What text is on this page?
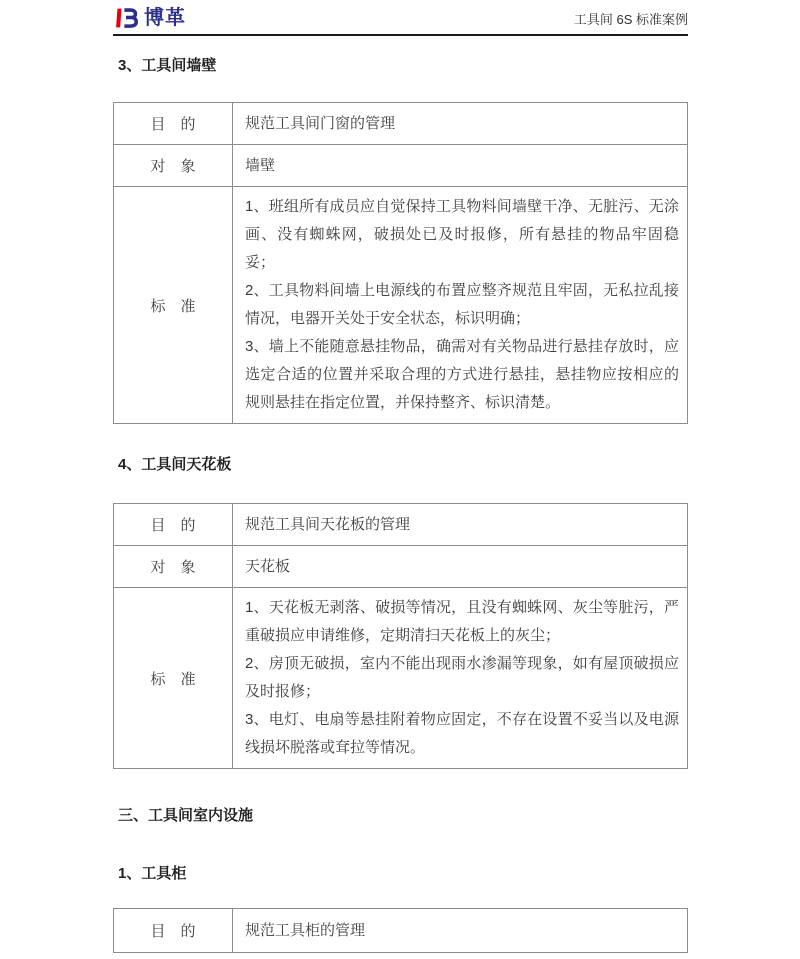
博革	工具间 6S 标准案例
3、工具间墙壁
目　的	规范工具间门窗的管理

对　象	墙壁

标　准	1、班组所有成员应自觉保持工具物料间墙壁干净、无脏污、无涂画、没有蜘蛛网，破损处已及时报修，所有悬挂的物品牢固稳妥；

2、工具物料间墙上电源线的布置应整齐规范且牢固，无私拉乱接情况，电器开关处于安全状态，标识明确；

3、墙上不能随意悬挂物品，确需对有关物品进行悬挂存放时，应选定合适的位置并采取合理的方式进行悬挂，悬挂物应按相应的规则悬挂在指定位置，并保持整齐、标识清楚。

4、工具间天花板
目　的	规范工具间天花板的管理

对　象	天花板

标　准	1、天花板无剥落、破损等情况，且没有蜘蛛网、灰尘等脏污，严重破损应申请维修，定期清扫天花板上的灰尘；

2、房顶无破损，室内不能出现雨水渗漏等现象，如有屋顶破损应及时报修；

3、电灯、电扇等悬挂附着物应固定，不存在设置不妥当以及电源线损坏脱落或耷拉等情况。

三、工具间室内设施
1、工具柜
目　的	规范工具柜的管理
